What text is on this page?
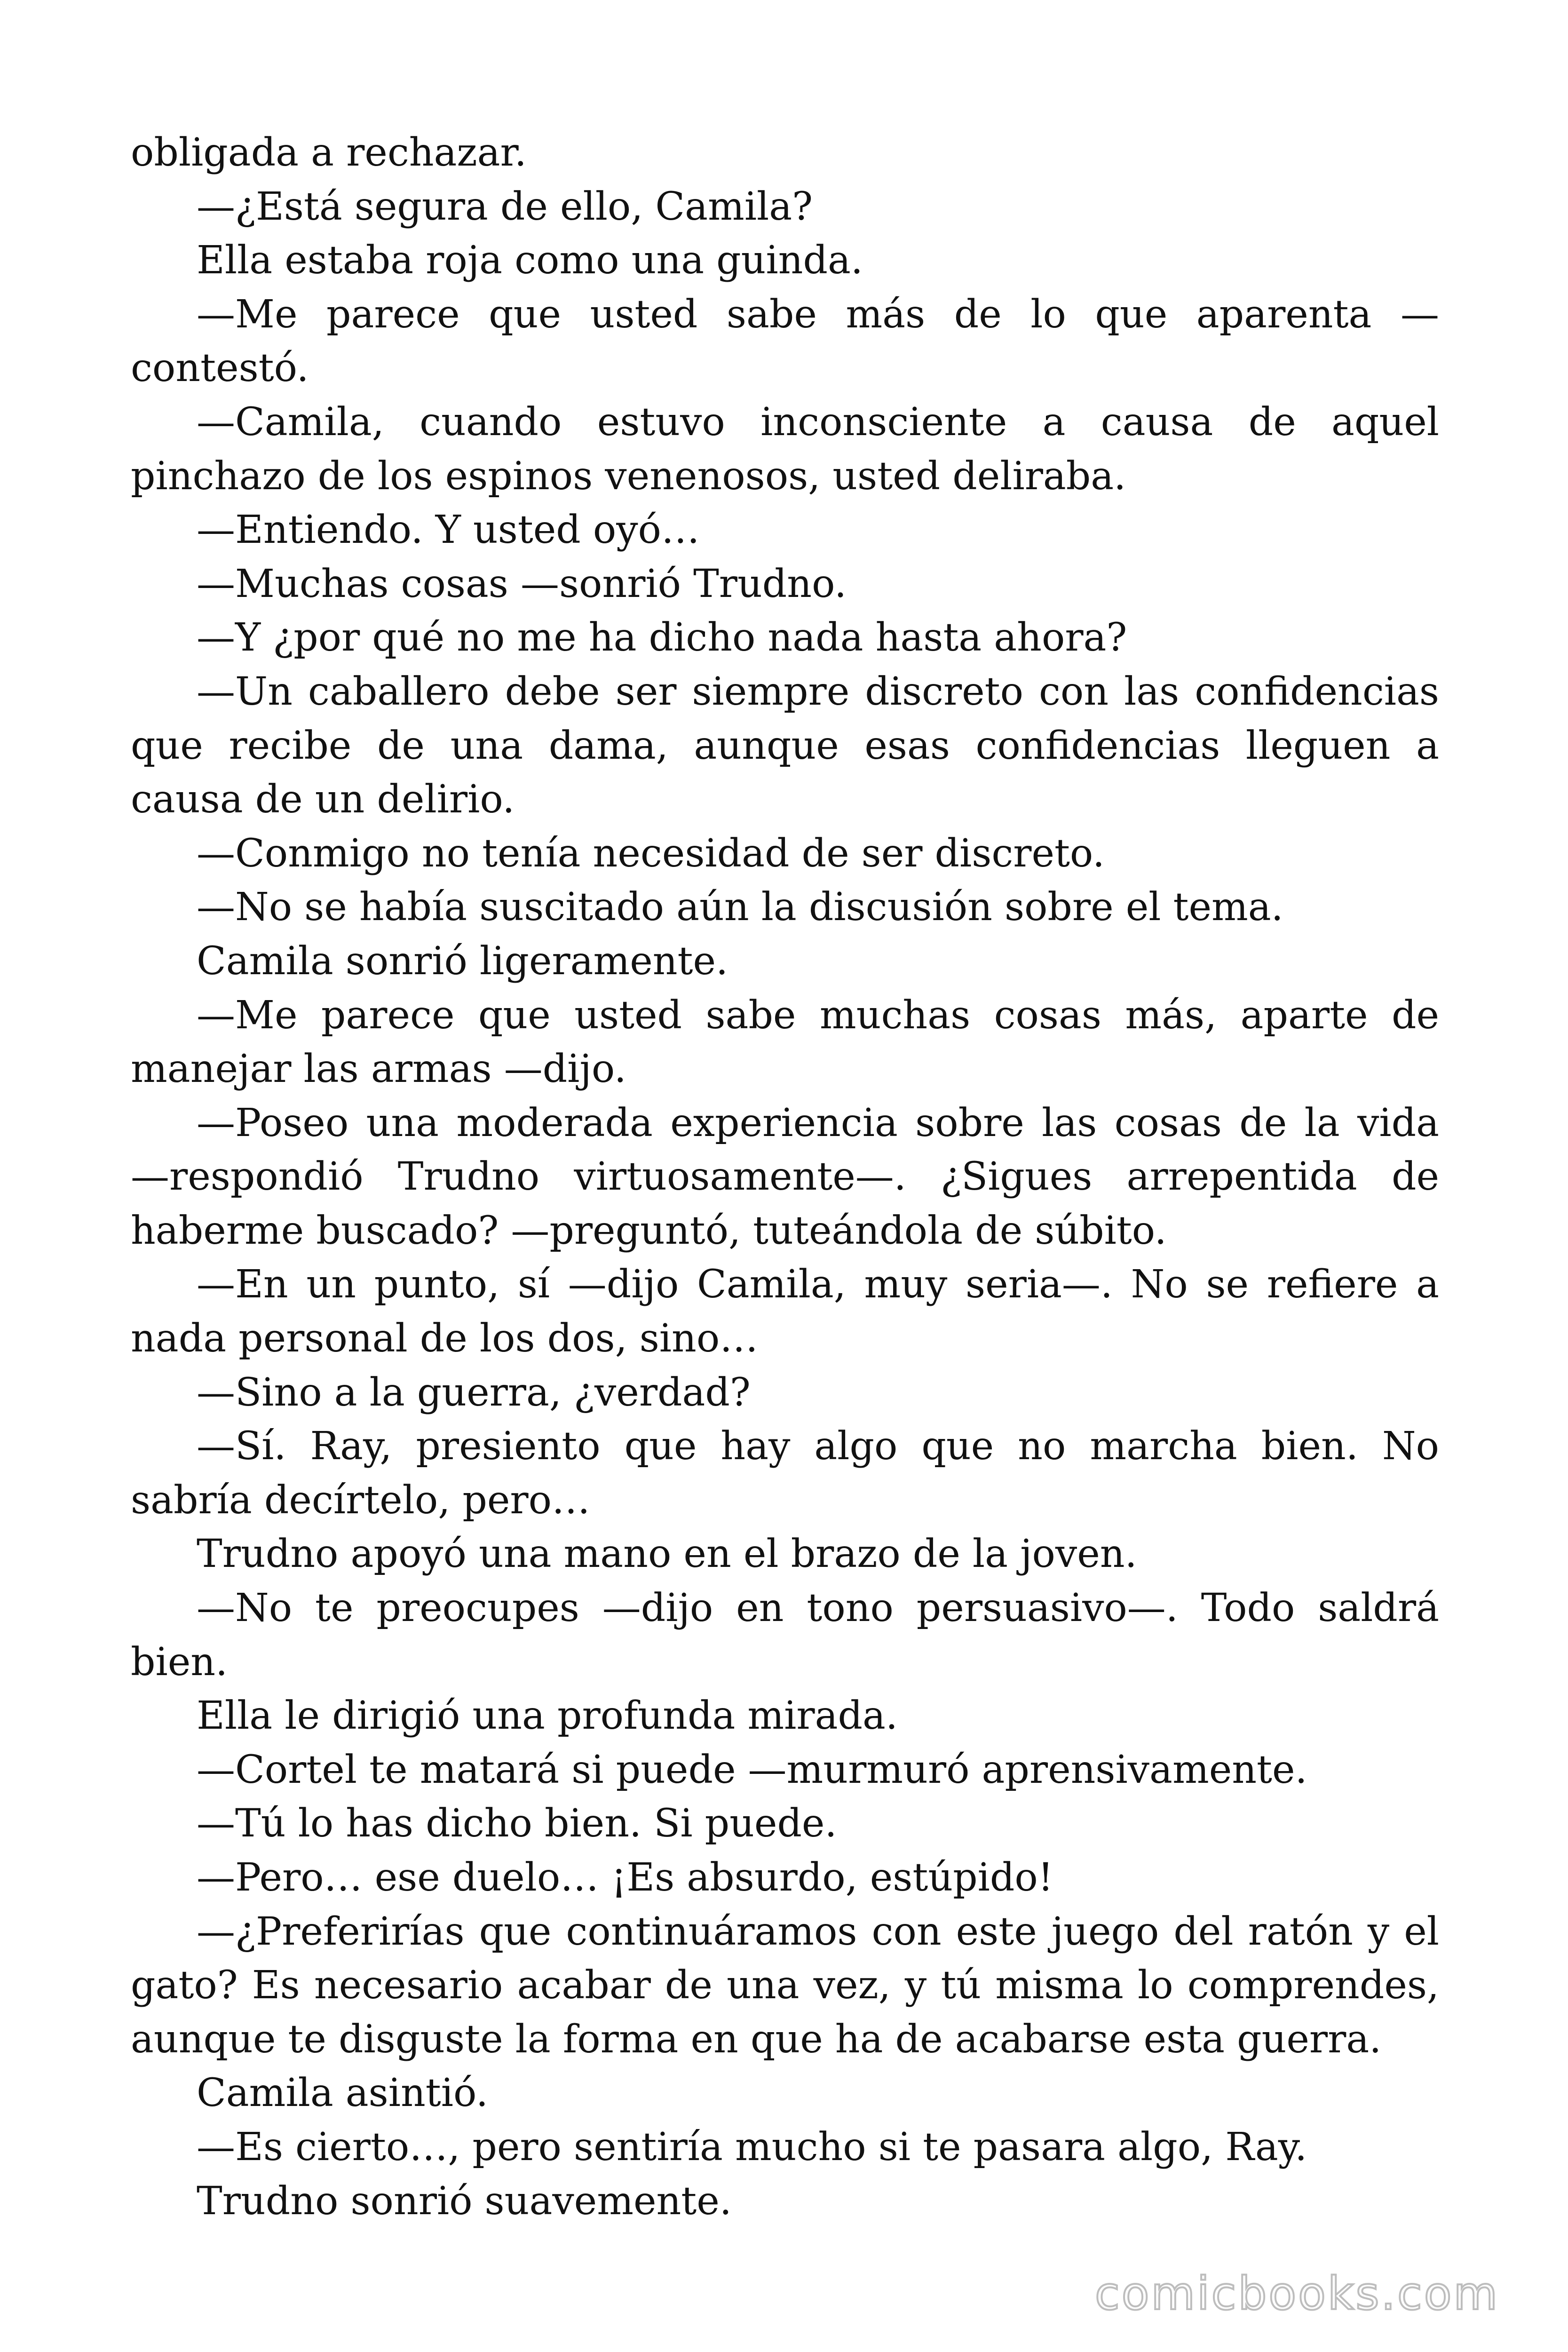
obligada a rechazar.

—¿Está segura de ello, Camila?

Ella estaba roja como una guinda.

—Me parece que usted sabe más de lo que aparenta —contestó.

—Camila, cuando estuvo inconsciente a causa de aquel pinchazo de los espinos venenosos, usted deliraba.

—Entiendo. Y usted oyó…

—Muchas cosas —sonrió Trudno.

—Y ¿por qué no me ha dicho nada hasta ahora?

—Un caballero debe ser siempre discreto con las confidencias que recibe de una dama, aunque esas confidencias lleguen a causa de un delirio.

—Conmigo no tenía necesidad de ser discreto.

—No se había suscitado aún la discusión sobre el tema.

Camila sonrió ligeramente.

—Me parece que usted sabe muchas cosas más, aparte de manejar las armas —dijo.

—Poseo una moderada experiencia sobre las cosas de la vida —respondió Trudno virtuosamente—. ¿Sigues arrepentida de haberme buscado? —preguntó, tuteándola de súbito.

—En un punto, sí —dijo Camila, muy seria—. No se refiere a nada personal de los dos, sino…

—Sino a la guerra, ¿verdad?

—Sí. Ray, presiento que hay algo que no marcha bien. No sabría decírtelo, pero…

Trudno apoyó una mano en el brazo de la joven.

—No te preocupes —dijo en tono persuasivo—. Todo saldrá bien.

Ella le dirigió una profunda mirada.

—Cortel te matará si puede —murmuró aprensivamente.

—Tú lo has dicho bien. Si puede.

—Pero… ese duelo… ¡Es absurdo, estúpido!

—¿Preferirías que continuáramos con este juego del ratón y el gato? Es necesario acabar de una vez, y tú misma lo comprendes, aunque te disguste la forma en que ha de acabarse esta guerra.

Camila asintió.

—Es cierto…, pero sentiría mucho si te pasara algo, Ray.

Trudno sonrió suavemente.

comicbooks.com
